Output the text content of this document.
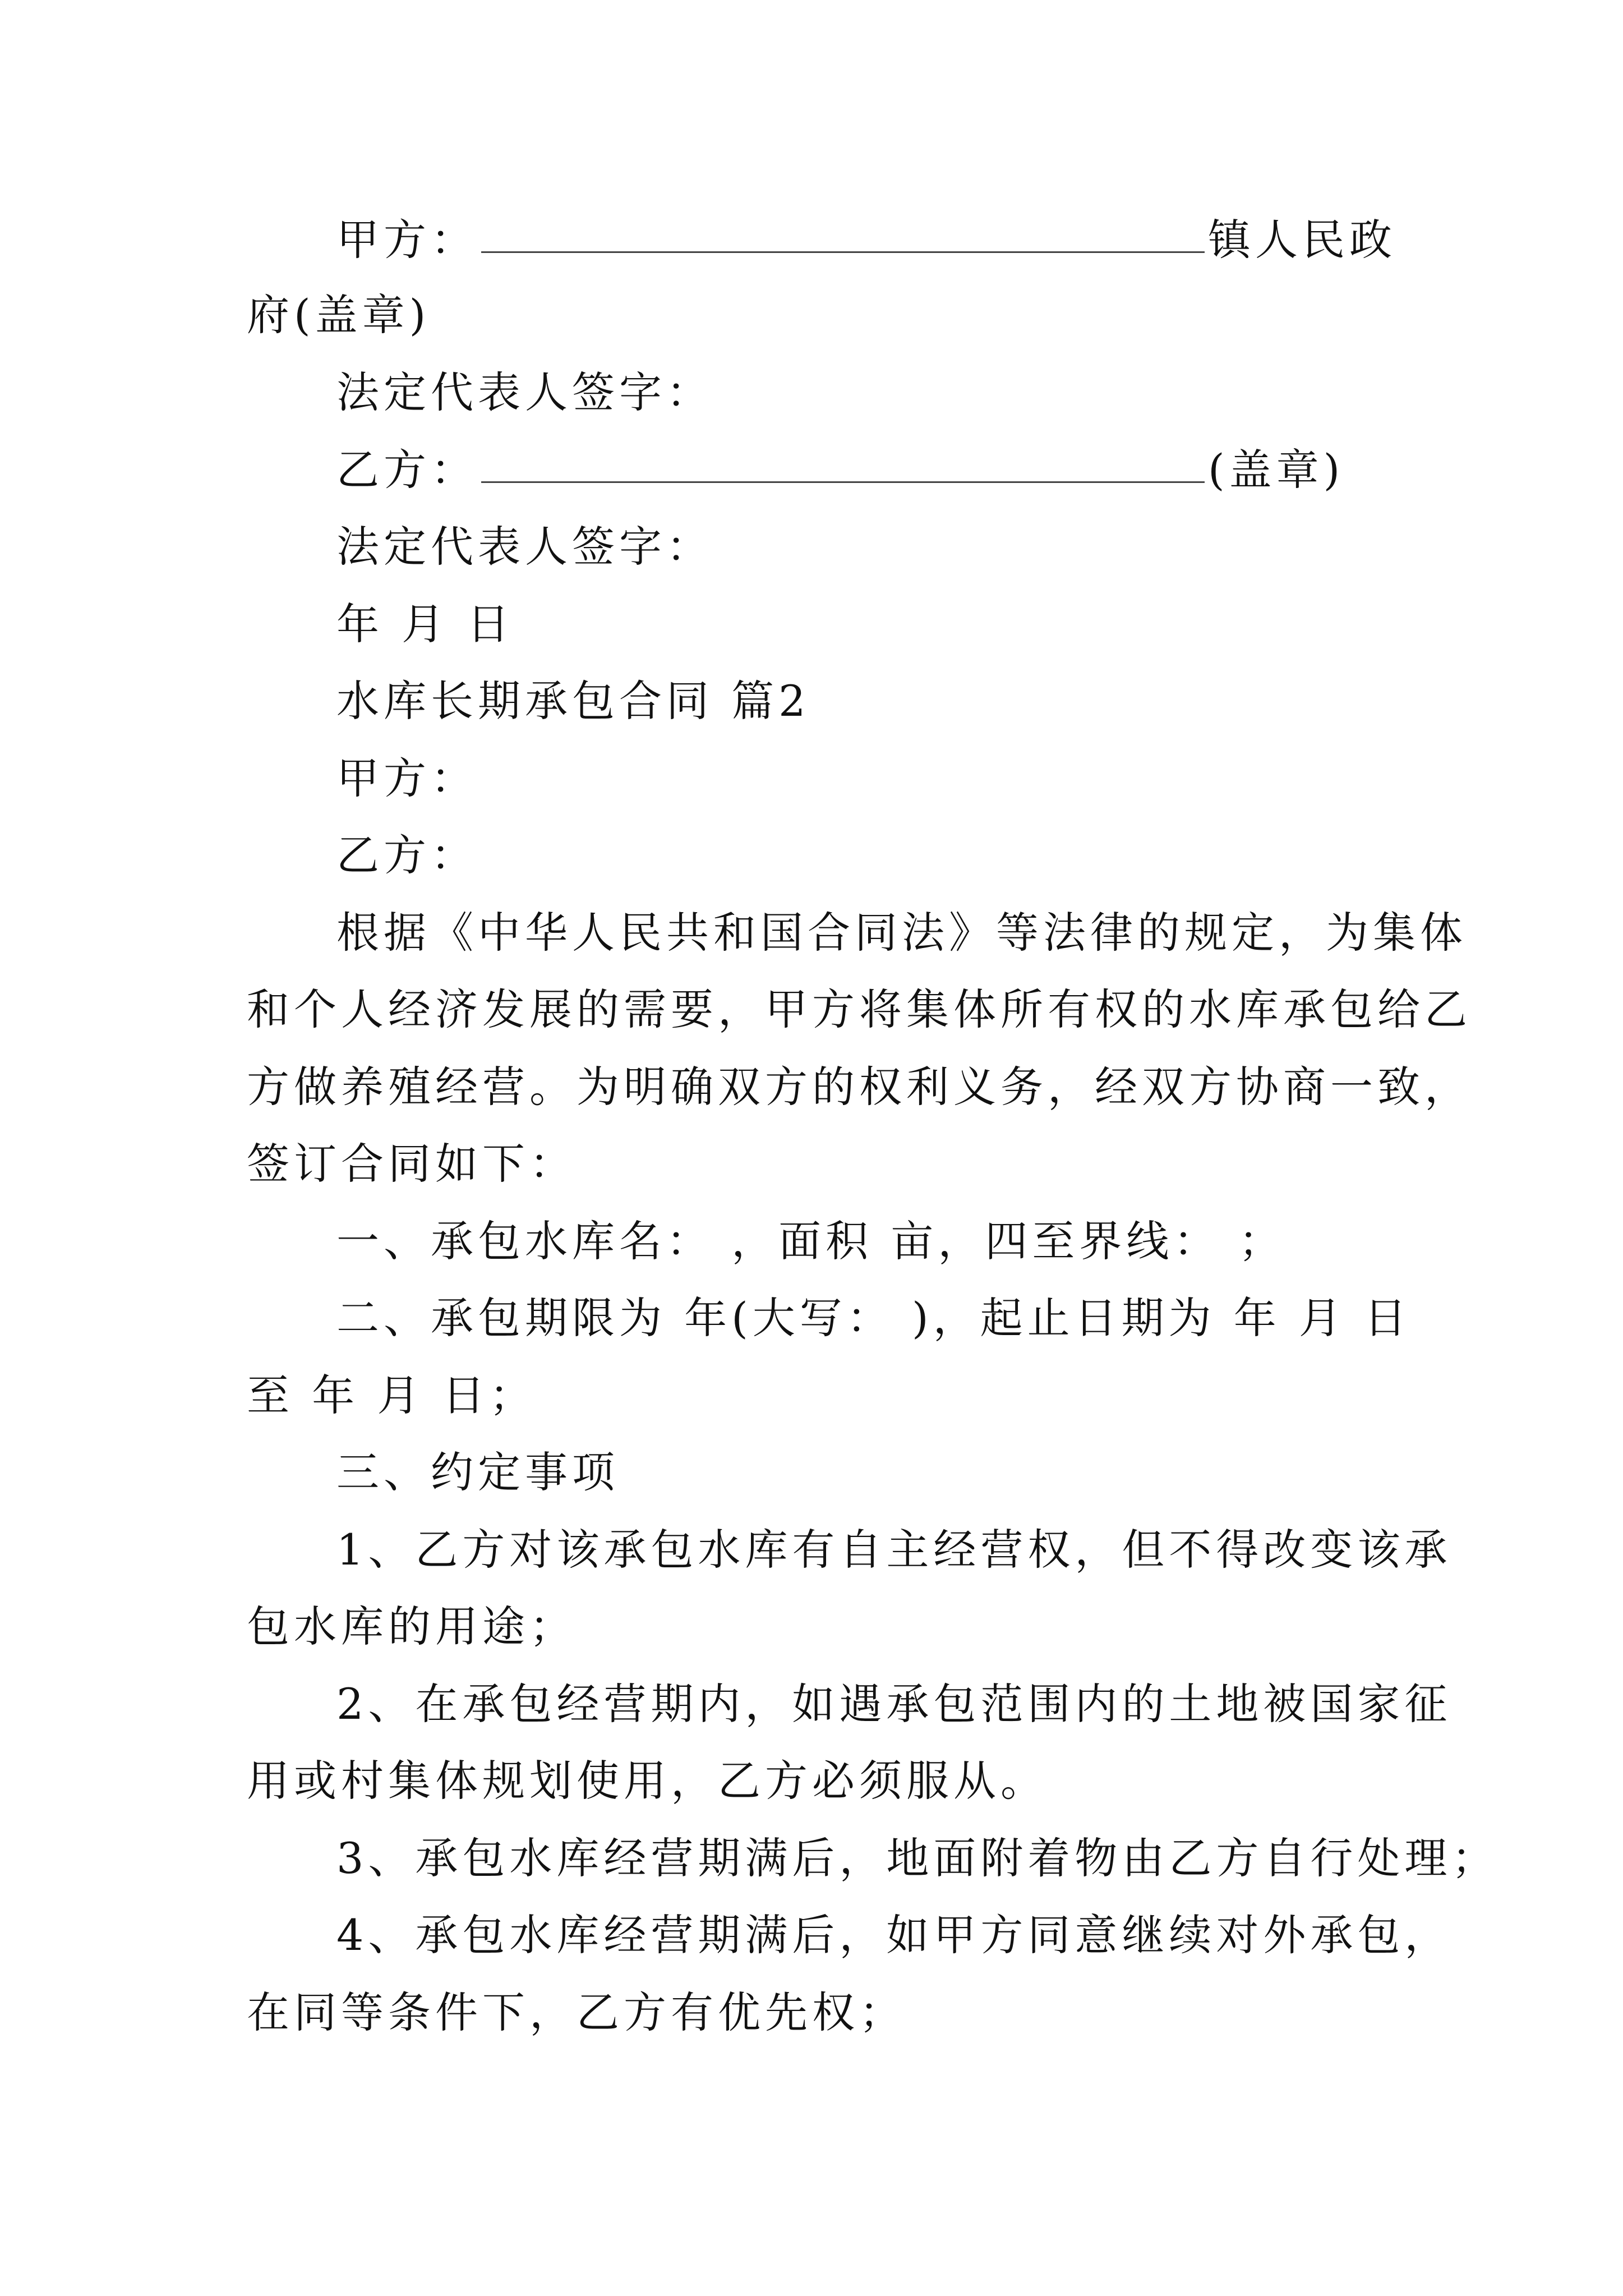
甲方：	镇人民政
府(盖章)
法定代表人签字：
乙方：	(盖章)
法定代表人签字：
年 月 日
水库长期承包合同 篇2
甲方：
乙方：
根据《中华人民共和国合同法》等法律的规定，为集体
和个人经济发展的需要，甲方将集体所有权的水库承包给乙
方做养殖经营。为明确双方的权利义务，经双方协商一致，
签订合同如下：
一、承包水库名： ，面积 亩，四至界线： ；
二、承包期限为 年(大写： )，起止日期为 年 月 日
至 年 月 日；
三、约定事项
1、乙方对该承包水库有自主经营权，但不得改变该承
包水库的用途；
2、在承包经营期内，如遇承包范围内的土地被国家征
用或村集体规划使用，乙方必须服从。
3、承包水库经营期满后，地面附着物由乙方自行处理；
4、承包水库经营期满后，如甲方同意继续对外承包，
在同等条件下，乙方有优先权；
